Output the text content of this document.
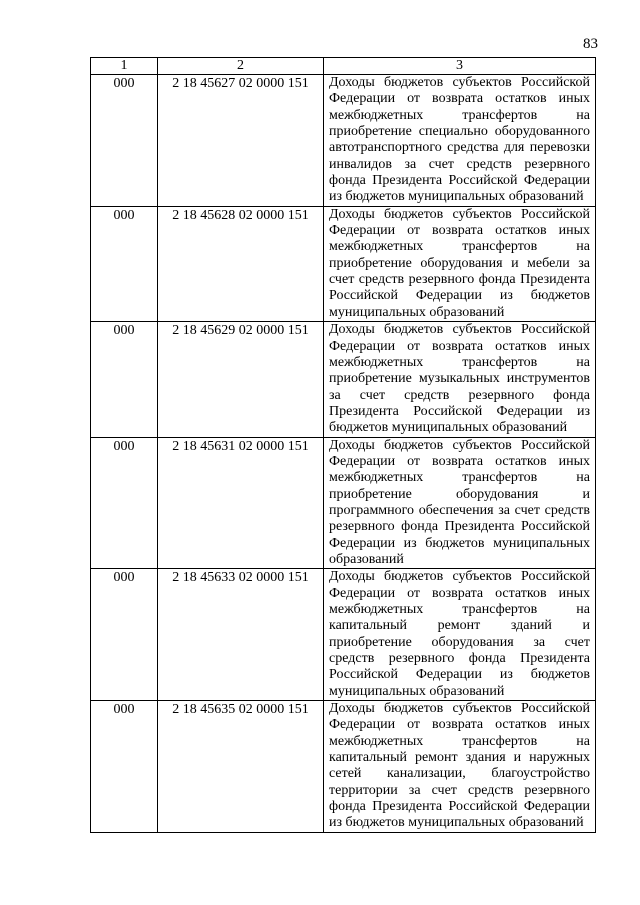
83
1	2	3
000	2 18 45627 02 0000 151	Доходы бюджетов субъектов Российской Федерации от возврата остатков иных межбюджетных трансфертов на приобретение специально оборудованного автотранспортного средства для перевозки инвалидов за счет средств резервного фонда Президента Российской Федерации из бюджетов муниципальных образований
000	2 18 45628 02 0000 151	Доходы бюджетов субъектов Российской Федерации от возврата остатков иных межбюджетных трансфертов на приобретение оборудования и мебели за счет средств резервного фонда Президента Российской Федерации из бюджетов муниципальных образований
000	2 18 45629 02 0000 151	Доходы бюджетов субъектов Российской Федерации от возврата остатков иных межбюджетных трансфертов на приобретение музыкальных инструментов за счет средств резервного фонда Президента Российской Федерации из бюджетов муниципальных образований
000	2 18 45631 02 0000 151	Доходы бюджетов субъектов Российской Федерации от возврата остатков иных межбюджетных трансфертов на приобретение оборудования и программного обеспечения за счет средств резервного фонда Президента Российской Федерации из бюджетов муниципальных образований
000	2 18 45633 02 0000 151	Доходы бюджетов субъектов Российской Федерации от возврата остатков иных межбюджетных трансфертов на капитальный ремонт зданий и приобретение оборудования за счет средств резервного фонда Президента Российской Федерации из бюджетов муниципальных образований
000	2 18 45635 02 0000 151	Доходы бюджетов субъектов Российской Федерации от возврата остатков иных межбюджетных трансфертов на капитальный ремонт здания и наружных сетей канализации, благоустройство территории за счет средств резервного фонда Президента Российской Федерации из бюджетов муниципальных образований
